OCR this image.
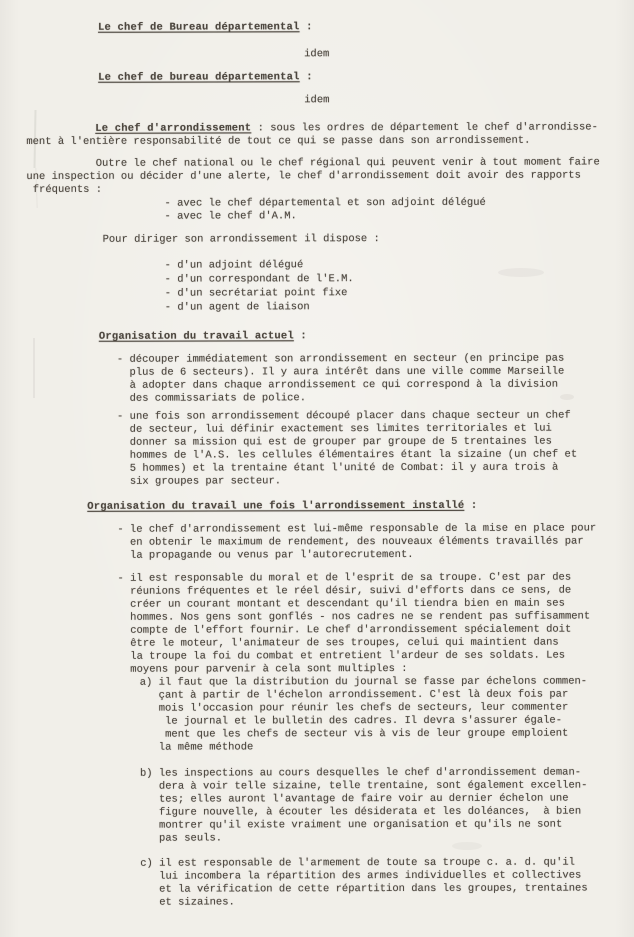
Le chef de Bureau départemental :
idem
Le chef de bureau départemental :
idem
Le chef d'arrondissement : sous les ordres de département le chef d'arrondisse-
ment à l'entière responsabilité de tout ce qui se passe dans son arrondissement.
Outre le chef national ou le chef régional qui peuvent venir à tout moment faire
une inspection ou décider d'une alerte, le chef d'arrondissement doit avoir des rapports
fréquents :
- avec le chef départemental et son adjoint délégué
- avec le chef d'A.M.
Pour diriger son arrondissement il dispose :
- d'un adjoint délégué
- d'un correspondant de l'E.M.
- d'un secrétariat point fixe
- d'un agent de liaison
Organisation du travail actuel :
- découper immédiatement son arrondissement en secteur (en principe pas
plus de 6 secteurs). Il y aura intérêt dans une ville comme Marseille
à adopter dans chaque arrondissement ce qui correspond à la division
des commissariats de police.
- une fois son arrondissement découpé placer dans chaque secteur un chef
de secteur, lui définir exactement ses limites territoriales et lui
donner sa mission qui est de grouper par groupe de 5 trentaines les
hommes de l'A.S. les cellules élémentaires étant la sizaine (un chef et
5 hommes) et la trentaine étant l'unité de Combat: il y aura trois à
six groupes par secteur.
Organisation du travail une fois l'arrondissement installé :
- le chef d'arrondissement est lui-même responsable de la mise en place pour
en obtenir le maximum de rendement, des nouveaux éléments travaillés par
la propagande ou venus par l'autorecrutement.
- il est responsable du moral et de l'esprit de sa troupe. C'est par des
réunions fréquentes et le réel désir, suivi d'efforts dans ce sens, de
créer un courant montant et descendant qu'il tiendra bien en main ses
hommes. Nos gens sont gonflés - nos cadres ne se rendent pas suffisamment
compte de l'effort fournir. Le chef d'arrondissement spécialement doit
être le moteur, l'animateur de ses troupes, celui qui maintient dans
la troupe la foi du combat et entretient l'ardeur de ses soldats. Les
moyens pour parvenir à cela sont multiples :
a) il faut que la distribution du journal se fasse par échelons commen-
çant à partir de l'échelon arrondissement. C'est là deux fois par
mois l'occasion pour réunir les chefs de secteurs, leur commenter
le journal et le bulletin des cadres. Il devra s'assurer égale-
ment que les chefs de secteur vis à vis de leur groupe emploient
la même méthode
b) les inspections au cours desquelles le chef d'arrondissement deman-
dera à voir telle sizaine, telle trentaine, sont également excellen-
tes; elles auront l'avantage de faire voir au dernier échelon une
figure nouvelle, à écouter les désiderata et les doléances,  à bien
montrer qu'il existe vraiment une organisation et qu'ils ne sont
pas seuls.
c) il est responsable de l'armement de toute sa troupe c. a. d. qu'il
lui incombera la répartition des armes individuelles et collectives
et la vérification de cette répartition dans les groupes, trentaines
et sizaines.
